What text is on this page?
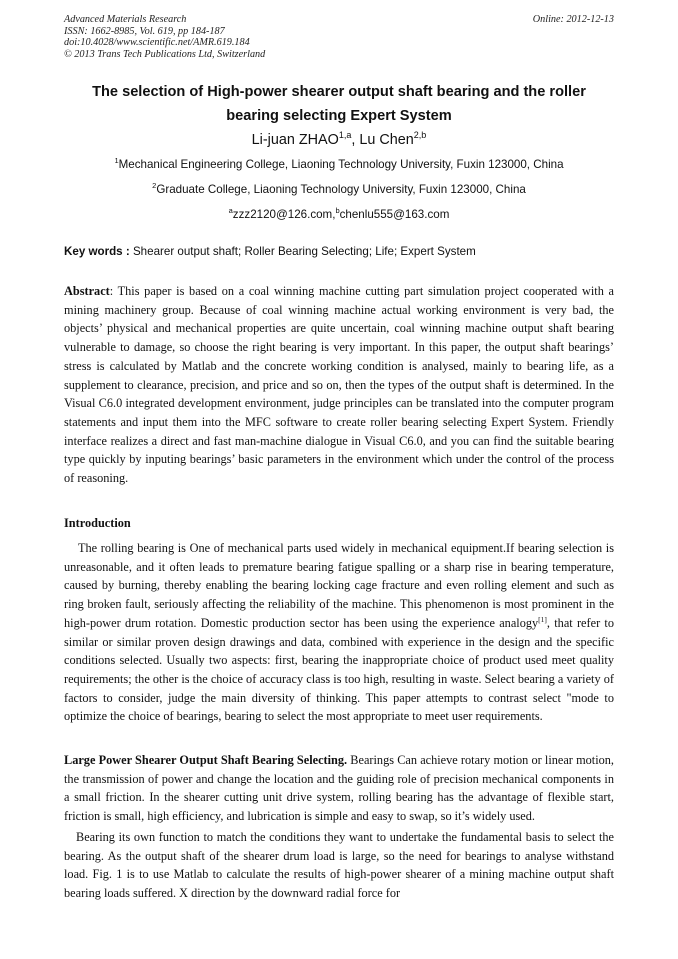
Advanced Materials Research
ISSN: 1662-8985, Vol. 619, pp 184-187
doi:10.4028/www.scientific.net/AMR.619.184
© 2013 Trans Tech Publications Ltd, Switzerland
Online: 2012-12-13
The selection of High-power shearer output shaft bearing and the roller
bearing selecting Expert System
Li-juan ZHAO$^{1,a}$, Lu Chen$^{2,b}$
$^1$Mechanical Engineering College, Liaoning Technology University, Fuxin 123000, China
$^2$Graduate College, Liaoning Technology University, Fuxin 123000, China
$^a$zzz2120@126.com,$^b$chenlu555@163.com
Key words : Shearer output shaft; Roller Bearing Selecting; Life; Expert System
Abstract: This paper is based on a coal winning machine cutting part simulation project cooperated with a mining machinery group. Because of coal winning machine actual working environment is very bad, the objects’ physical and mechanical properties are quite uncertain, coal winning machine output shaft bearing vulnerable to damage, so choose the right bearing is very important. In this paper, the output shaft bearings’ stress is calculated by Matlab and the concrete working condition is analysed, mainly to bearing life, as a supplement to clearance, precision, and price and so on, then the types of the output shaft is determined. In the Visual C6.0 integrated development environment, judge principles can be translated into the computer program statements and input them into the MFC software to create roller bearing selecting Expert System. Friendly interface realizes a direct and fast man-machine dialogue in Visual C6.0, and you can find the suitable bearing type quickly by inputing bearings’ basic parameters in the environment which under the control of the process of reasoning.
Introduction
The rolling bearing is One of mechanical parts used widely in mechanical equipment.If bearing selection is unreasonable, and it often leads to premature bearing fatigue spalling or a sharp rise in bearing temperature, caused by burning, thereby enabling the bearing locking cage fracture and even rolling element and such as ring broken fault, seriously affecting the reliability of the machine. This phenomenon is most prominent in the high-power drum rotation. Domestic production sector has been using the experience analogy[1], that refer to similar or similar proven design drawings and data, combined with experience in the design and the specific conditions selected. Usually two aspects: first, bearing the inappropriate choice of product used meet quality requirements; the other is the choice of accuracy class is too high, resulting in waste. Select bearing a variety of factors to consider, judge the main diversity of thinking. This paper attempts to contrast select "mode to optimize the choice of bearings, bearing to select the most appropriate to meet user requirements.
Large Power Shearer Output Shaft Bearing Selecting. Bearings Can achieve rotary motion or linear motion, the transmission of power and change the location and the guiding role of precision mechanical components in a small friction. In the shearer cutting unit drive system, rolling bearing has the advantage of flexible start, friction is small, high efficiency, and lubrication is simple and easy to swap, so it’s widely used.
Bearing its own function to match the conditions they want to undertake the fundamental basis to select the bearing. As the output shaft of the shearer drum load is large, so the need for bearings to analyse withstand load. Fig. 1 is to use Matlab to calculate the results of high-power shearer of a mining machine output shaft bearing loads suffered. X direction by the downward radial force for
